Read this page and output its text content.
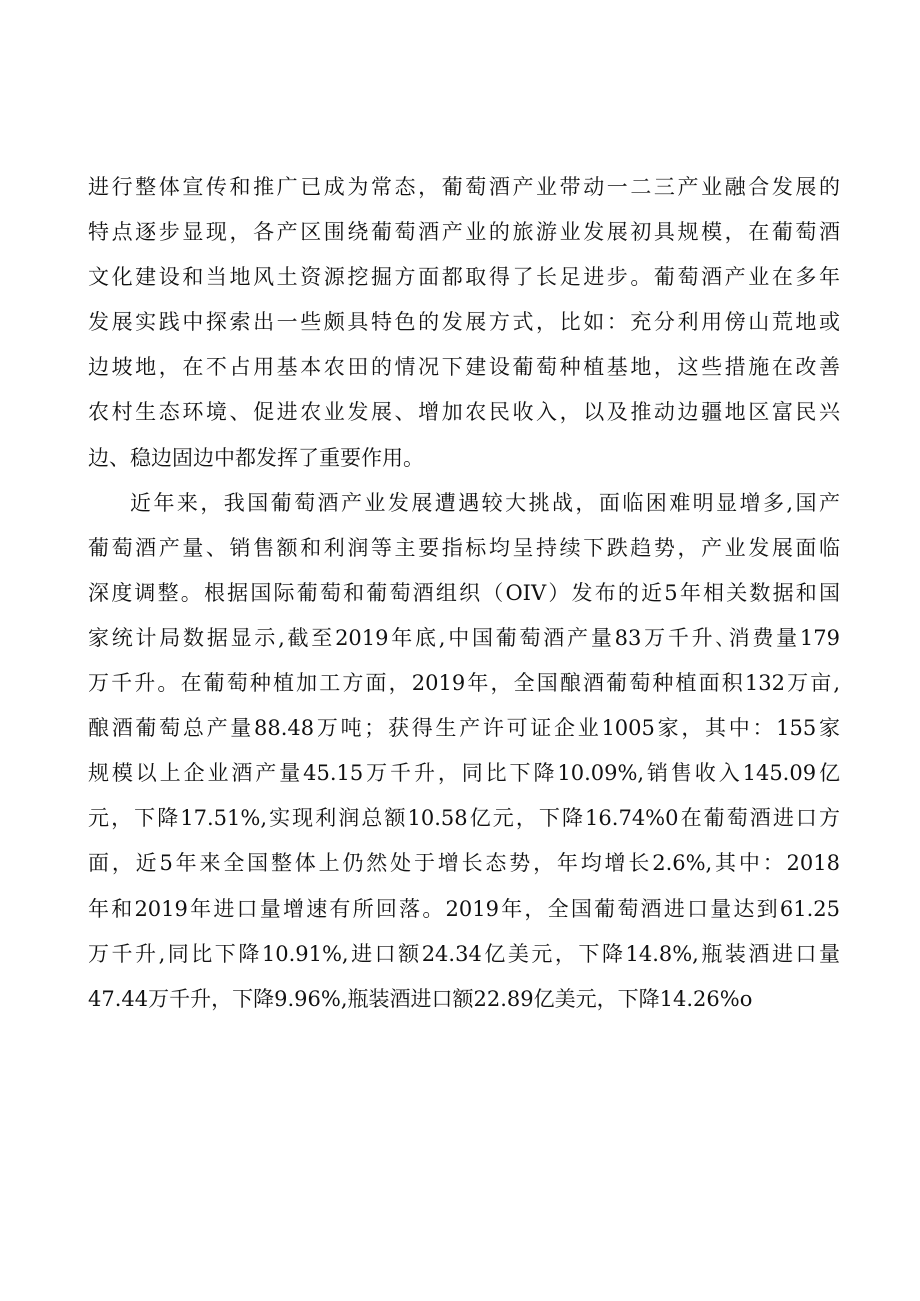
进行整体宣传和推广已成为常态，葡萄酒产业带动一二三产业融合发展的
特点逐步显现，各产区围绕葡萄酒产业的旅游业发展初具规模，在葡萄酒
文化建设和当地风土资源挖掘方面都取得了长足进步。葡萄酒产业在多年
发展实践中探索出一些颇具特色的发展方式，比如：充分利用傍山荒地或
边坡地，在不占用基本农田的情况下建设葡萄种植基地，这些措施在改善
农村生态环境、促进农业发展、增加农民收入，以及推动边疆地区富民兴
边、稳边固边中都发挥了重要作用。
近年来，我国葡萄酒产业发展遭遇较大挑战，面临困难明显增多,国产
葡萄酒产量、销售额和利润等主要指标均呈持续下跌趋势，产业发展面临
深度调整。根据国际葡萄和葡萄酒组织（OIV）发布的近5年相关数据和国
家统计局数据显示,截至2019年底,中国葡萄酒产量83万千升､消费量179
万千升。在葡萄种植加工方面，2019年，全国酿酒葡萄种植面积132万亩,
酿酒葡萄总产量88.48万吨；获得生产许可证企业1005家，其中：155家
规模以上企业酒产量45.15万千升，同比下降10.09%,销售收入145.09亿
元，下降17.51%,实现利润总额10.58亿元，下降16.74%0在葡萄酒进口方
面，近5年来全国整体上仍然处于增长态势，年均增长2.6%,其中：2018
年和2019年进口量增速有所回落。2019年，全国葡萄酒进口量达到61.25
万千升,同比下降10.91%,进口额24.34亿美元，下降14.8%,瓶装酒进口量
47.44万千升，下降9.96%,瓶装酒进口额22.89亿美元，下降14.26%o
